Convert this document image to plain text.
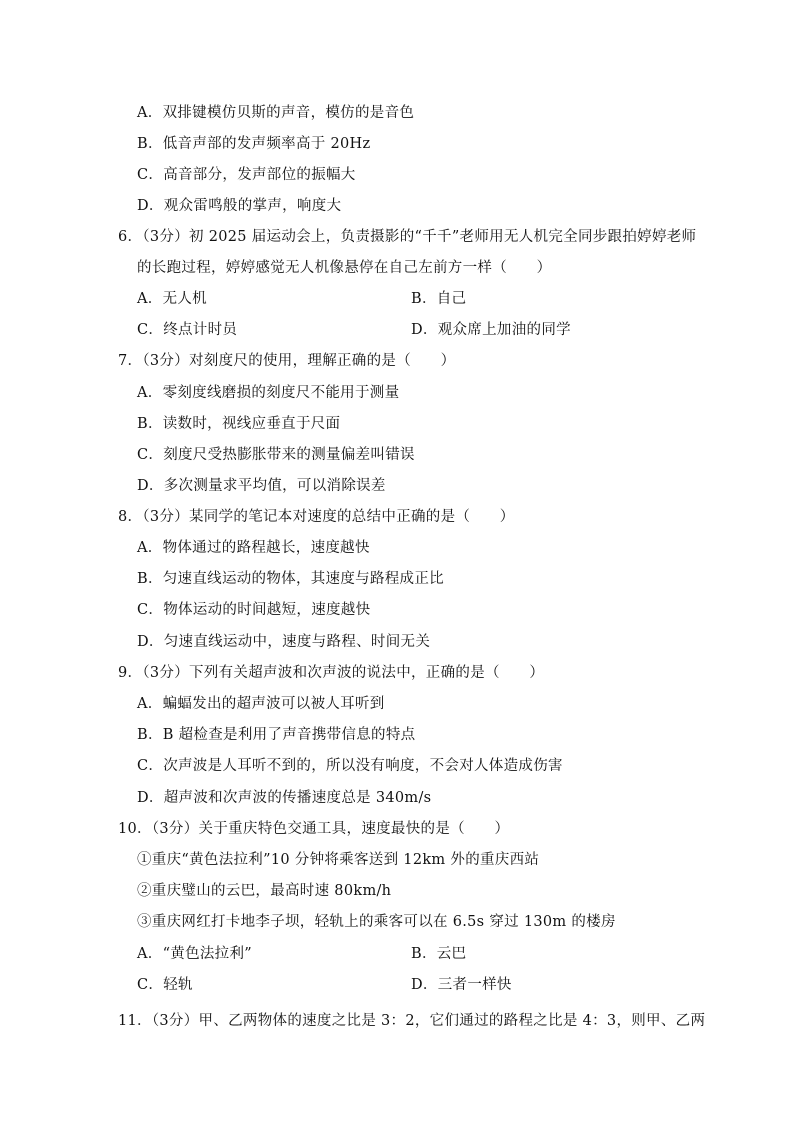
A．双排键模仿贝斯的声音，模仿的是音色
B．低音声部的发声频率高于 20Hz
C．高音部分，发声部位的振幅大
D．观众雷鸣般的掌声，响度大
6．（3分）初 2025 届运动会上，负责摄影的“千千”老师用无人机完全同步跟拍婷婷老师
的长跑过程，婷婷感觉无人机像悬停在自己左前方一样（　　）
A．无人机	B．自己
C．终点计时员	D．观众席上加油的同学
7．（3分）对刻度尺的使用，理解正确的是（　　）
A．零刻度线磨损的刻度尺不能用于测量
B．读数时，视线应垂直于尺面
C．刻度尺受热膨胀带来的测量偏差叫错误
D．多次测量求平均值，可以消除误差
8．（3分）某同学的笔记本对速度的总结中正确的是（　　）
A．物体通过的路程越长，速度越快
B．匀速直线运动的物体，其速度与路程成正比
C．物体运动的时间越短，速度越快
D．匀速直线运动中，速度与路程、时间无关
9．（3分）下列有关超声波和次声波的说法中，正确的是（　　）
A．蝙蝠发出的超声波可以被人耳听到
B．B 超检查是利用了声音携带信息的特点
C．次声波是人耳听不到的，所以没有响度，不会对人体造成伤害
D．超声波和次声波的传播速度总是 340m/s
10．（3分）关于重庆特色交通工具，速度最快的是（　　）
①重庆“黄色法拉利”10 分钟将乘客送到 12km 外的重庆西站
②重庆璧山的云巴，最高时速 80km/h
③重庆网红打卡地李子坝，轻轨上的乘客可以在 6.5s 穿过 130m 的楼房
A．“黄色法拉利”	B．云巴
C．轻轨	D．三者一样快
11．（3分）甲、乙两物体的速度之比是 3：2，它们通过的路程之比是 4：3，则甲、乙两
